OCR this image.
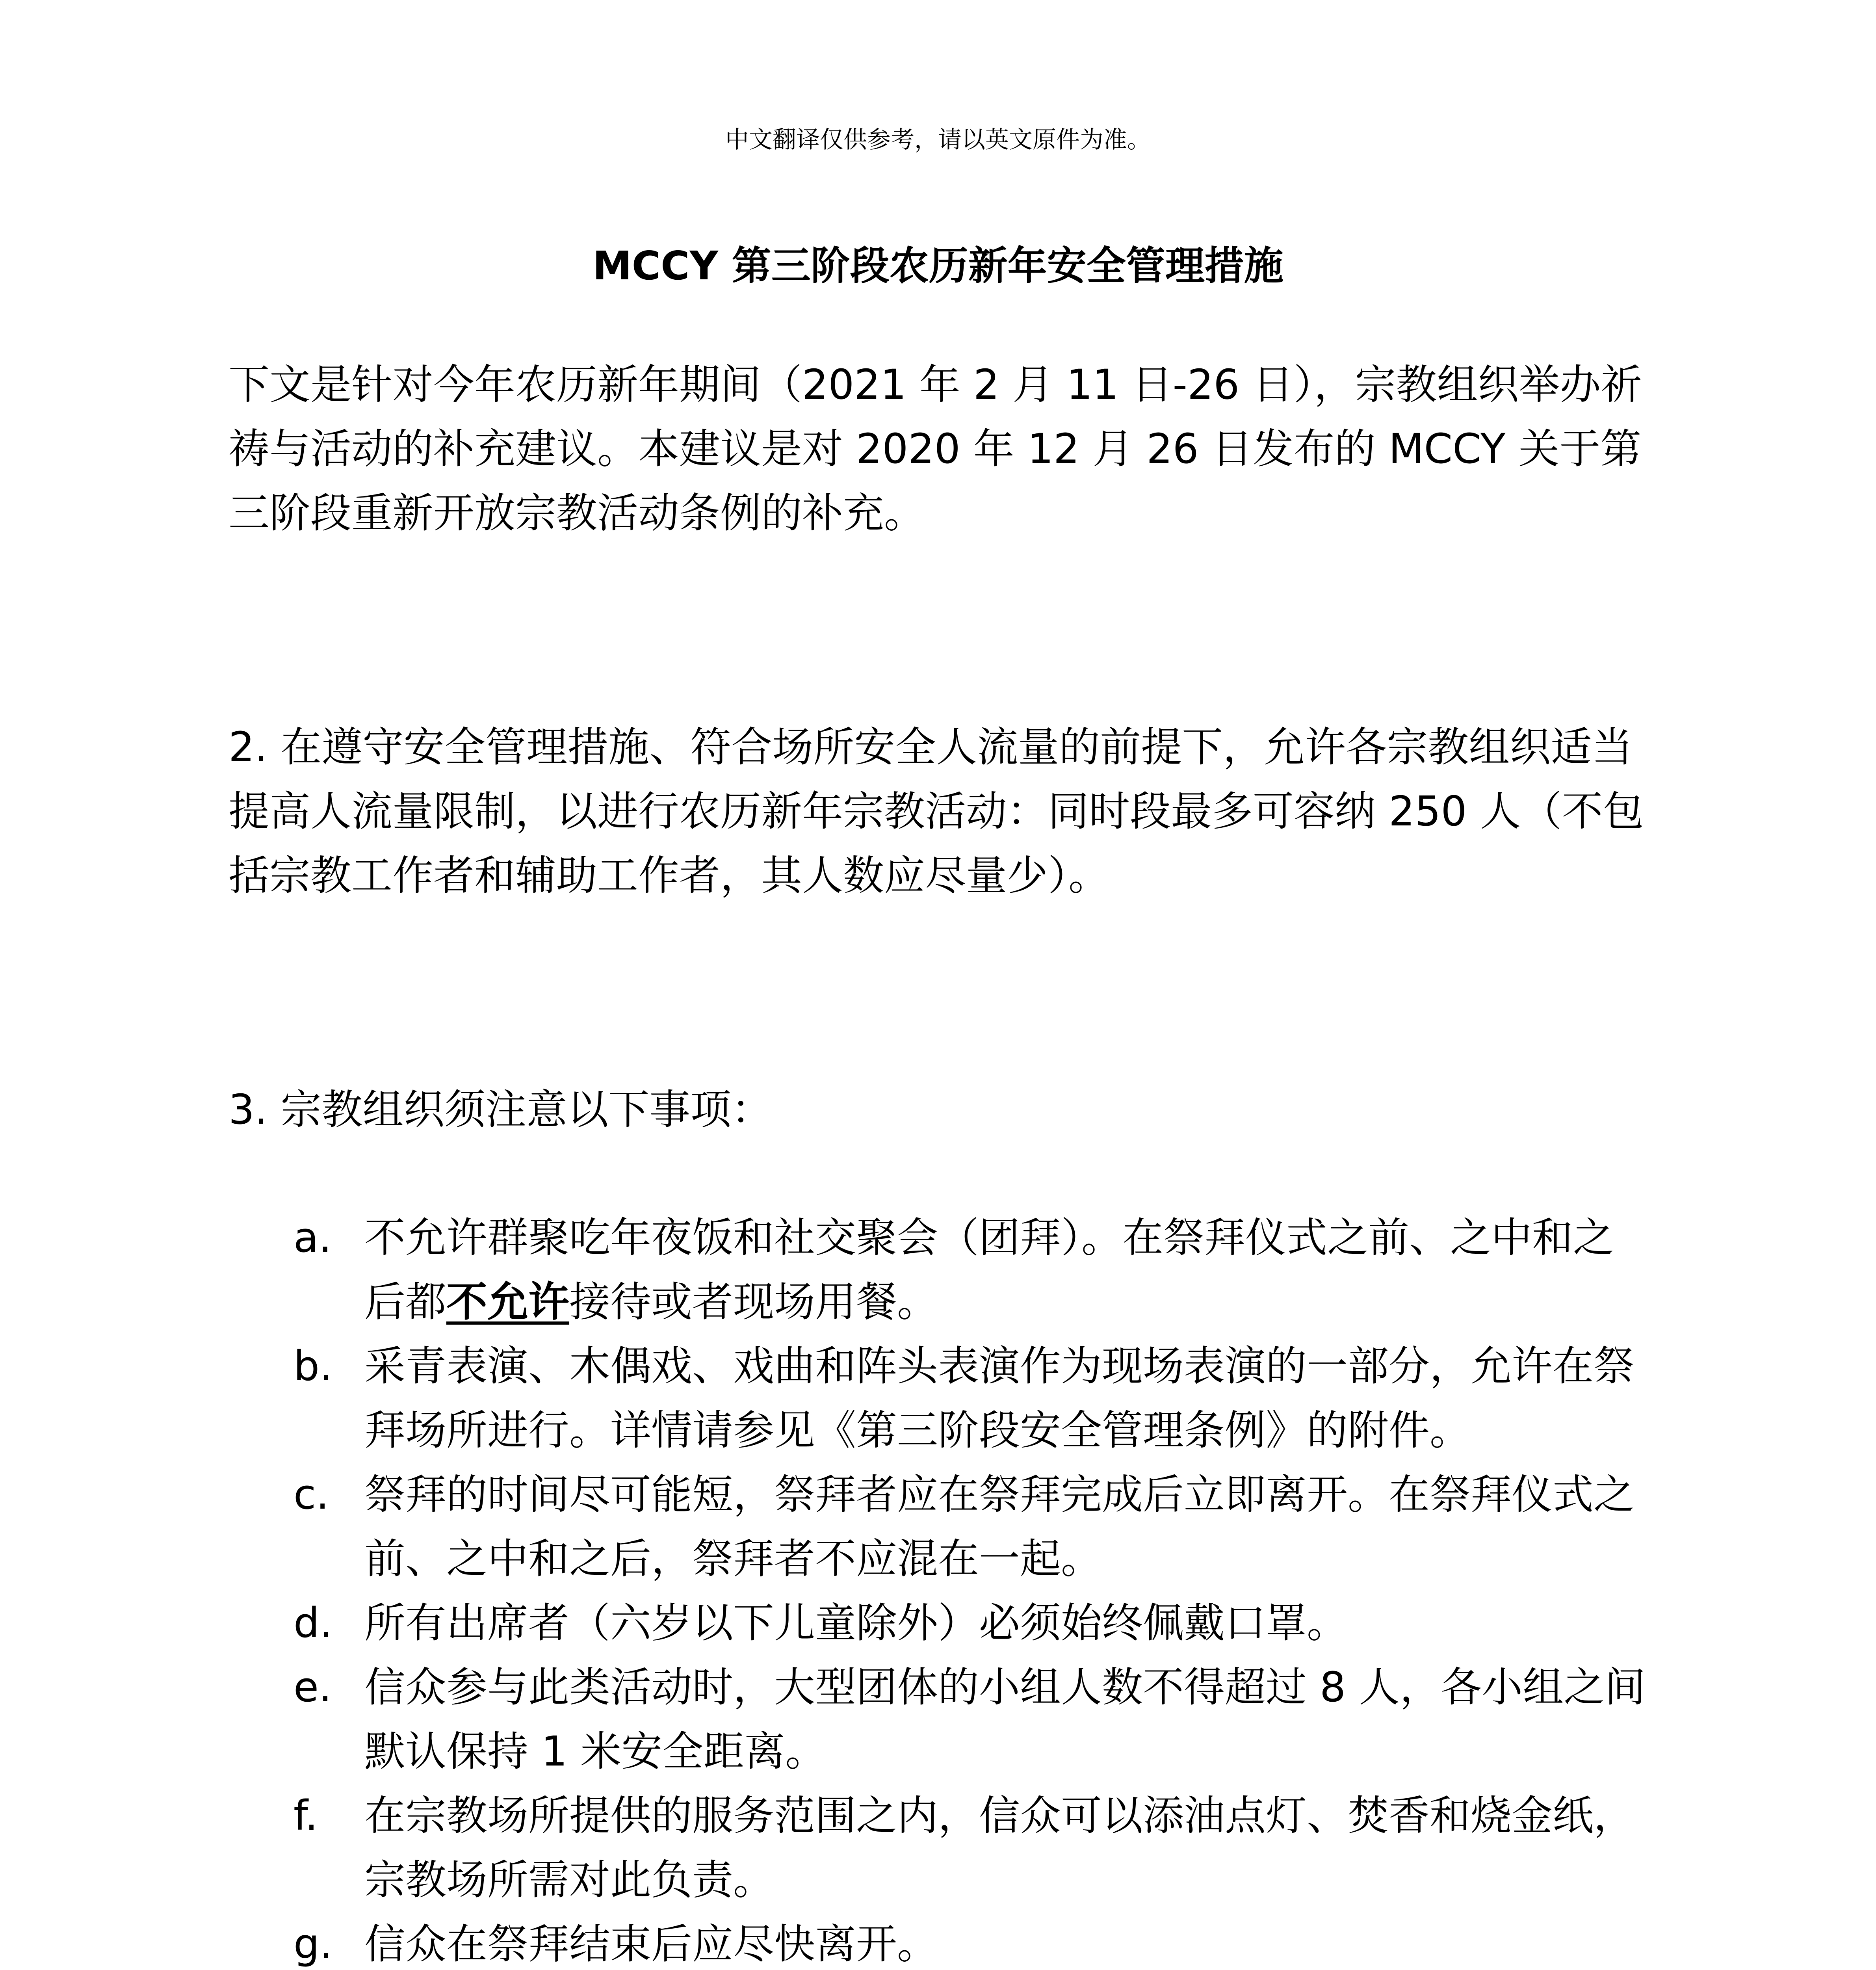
中文翻译仅供参考，请以英文原件为准。
MCCY 第三阶段农历新年安全管理措施

下文是针对今年农历新年期间（2021 年 2 月 11 日-26 日），宗教组织举办祈祷与活动的补充建议。本建议是对 2020 年 12 月 26 日发布的 MCCY 关于第三阶段重新开放宗教活动条例的补充。

2. 在遵守安全管理措施、符合场所安全人流量的前提下，允许各宗教组织适当提高人流量限制，以进行农历新年宗教活动：同时段最多可容纳 250 人（不包括宗教工作者和辅助工作者，其人数应尽量少）。

3. 宗教组织须注意以下事项：

a. 不允许群聚吃年夜饭和社交聚会（团拜）。在祭拜仪式之前、之中和之后都不允许接待或者现场用餐。
b. 采青表演、木偶戏、戏曲和阵头表演作为现场表演的一部分，允许在祭拜场所进行。详情请参见《第三阶段安全管理条例》的附件。
c. 祭拜的时间尽可能短，祭拜者应在祭拜完成后立即离开。在祭拜仪式之前、之中和之后，祭拜者不应混在一起。
d. 所有出席者（六岁以下儿童除外）必须始终佩戴口罩。
e. 信众参与此类活动时，大型团体的小组人数不得超过 8 人，各小组之间默认保持 1 米安全距离。
f.	在宗教场所提供的服务范围之内，信众可以添油点灯、焚香和烧金纸，宗教场所需对此负责。
g. 信众在祭拜结束后应尽快离开。
